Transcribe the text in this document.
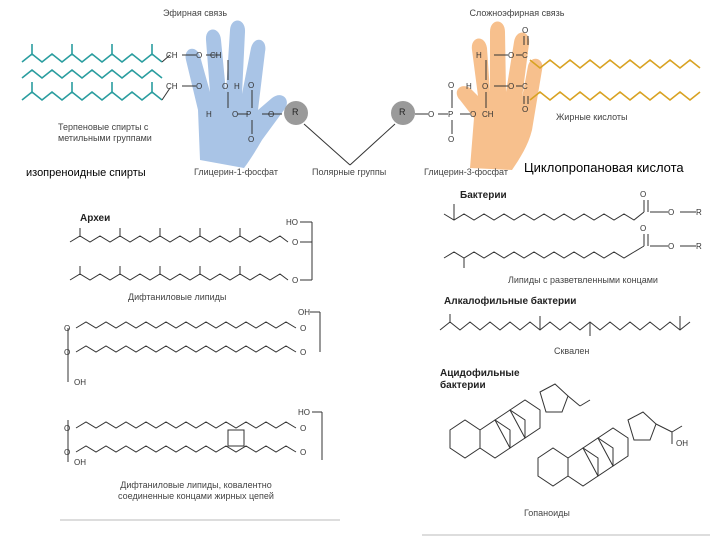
CH O CH
CH O O H
H	O P O
O
O
O P O CH
O
O
H	O C
H O O C
O
O
HO
O
O
O
O
OH
OH
O
O
O
O
OH
HO
O
O
O
O	R
O
O	R
OH
Эфирная связь	Сложноэфирная связь
Терпеновые спирты с метильными группами
Жирные кислоты
Глицерин-1-фосфат	Полярные группы	Глицерин-3-фосфат
изопреноидные спирты	Циклопропановая кислота
R	R
Археи
Дифтаниловые липиды
Дифтаниловые липиды, ковалентно соединенные концами жирных цепей
Бактерии
Липиды с разветвленными концами
Алкалофильные бактерии
Сквален
Ацидофильные бактерии
Гопаноиды
